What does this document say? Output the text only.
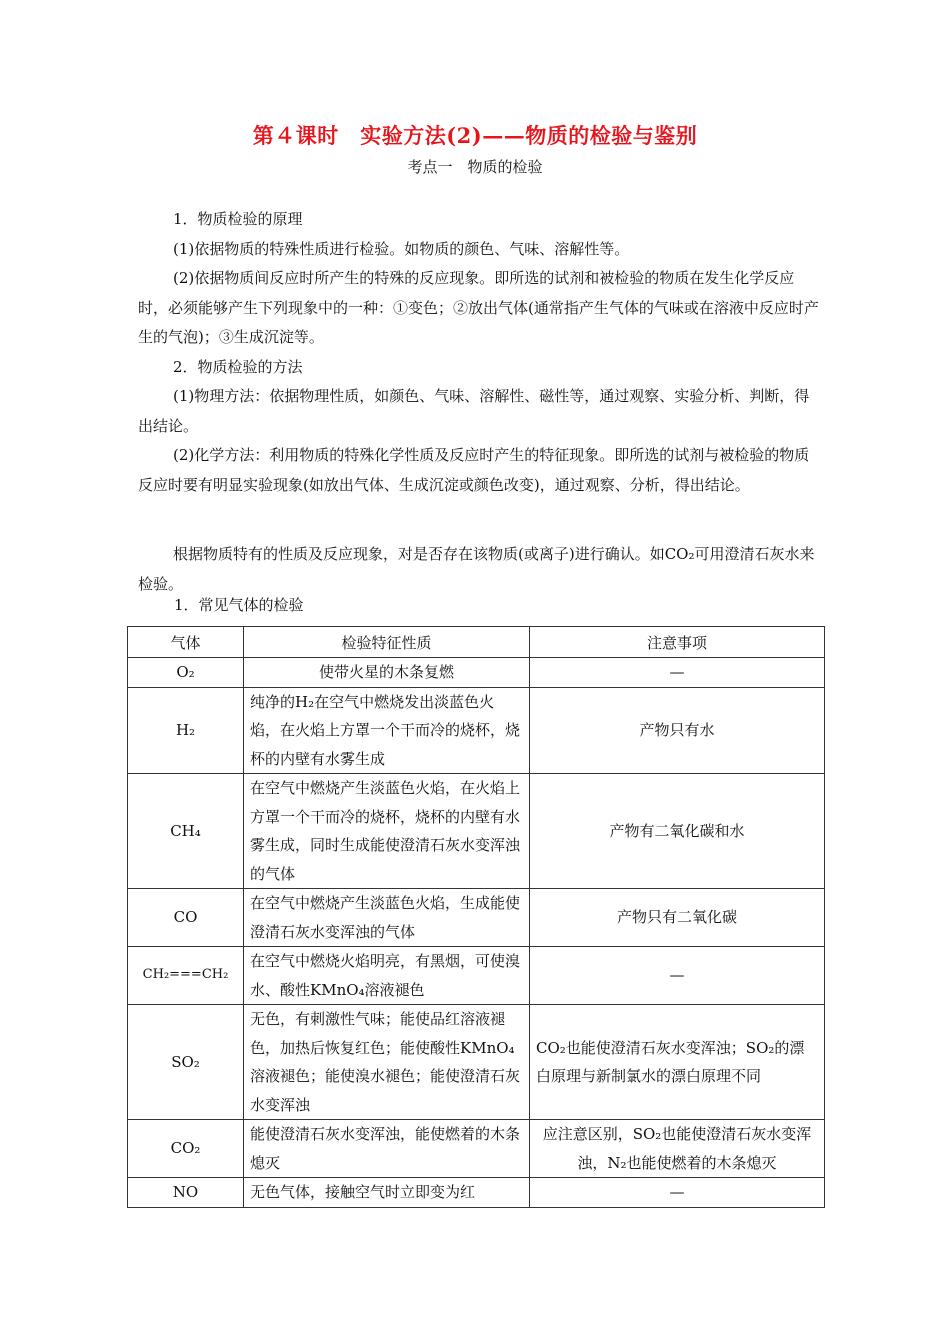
第４课时　实验方法(2)——物质的检验与鉴别
考点一　物质的检验

1．物质检验的原理

(1)依据物质的特殊性质进行检验。如物质的颜色、气味、溶解性等。

(2)依据物质间反应时所产生的特殊的反应现象。即所选的试剂和被检验的物质在发生化学反应时，必须能够产生下列现象中的一种：①变色；②放出气体(通常指产生气体的气味或在溶液中反应时产生的气泡)；③生成沉淀等。

2．物质检验的方法

(1)物理方法：依据物理性质，如颜色、气味、溶解性、磁性等，通过观察、实验分析、判断，得出结论。

(2)化学方法：利用物质的特殊化学性质及反应时产生的特征现象。即所选的试剂与被检验的物质反应时要有明显实验现象(如放出气体、生成沉淀或颜色改变)，通过观察、分析，得出结论。

根据物质特有的性质及反应现象，对是否存在该物质(或离子)进行确认。如CO₂可用澄清石灰水来检验。

1．常见气体的检验
气体	检验特征性质	注意事项
O₂	使带火星的木条复燃	—
H₂	纯净的H₂在空气中燃烧发出淡蓝色火焰，在火焰上方罩一个干而冷的烧杯，烧杯的内壁有水雾生成	产物只有水
CH₄	在空气中燃烧产生淡蓝色火焰，在火焰上方罩一个干而冷的烧杯，烧杯的内壁有水雾生成，同时生成能使澄清石灰水变浑浊的气体	产物有二氧化碳和水
CO	在空气中燃烧产生淡蓝色火焰，生成能使澄清石灰水变浑浊的气体	产物只有二氧化碳
CH₂===CH₂	在空气中燃烧火焰明亮，有黑烟，可使溴水、酸性KMnO₄溶液褪色	—
SO₂	无色，有刺激性气味；能使品红溶液褪色，加热后恢复红色；能使酸性KMnO₄溶液褪色；能使溴水褪色；能使澄清石灰水变浑浊	CO₂也能使澄清石灰水变浑浊；SO₂的漂白原理与新制氯水的漂白原理不同
CO₂	能使澄清石灰水变浑浊，能使燃着的木条熄灭	应注意区别，SO₂也能使澄清石灰水变浑浊，N₂也能使燃着的木条熄灭
NO	无色气体，接触空气时立即变为红	—
